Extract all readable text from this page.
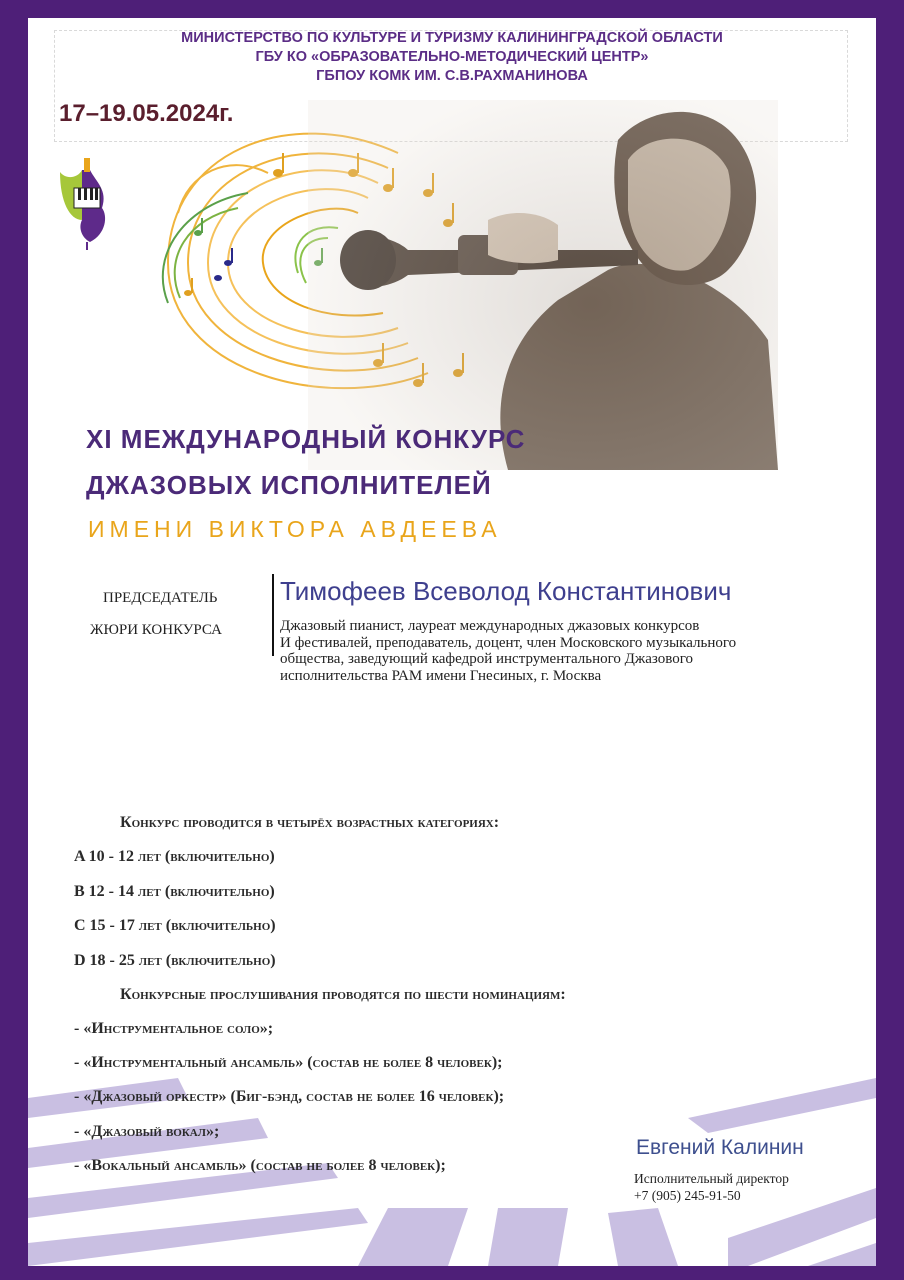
МИНИСТЕРСТВО ПО КУЛЬТУРЕ И ТУРИЗМУ КАЛИНИНГРАДСКОЙ ОБЛАСТИ
ГБУ КО «ОБРАЗОВАТЕЛЬНО-МЕТОДИЧЕСКИЙ ЦЕНТР»
ГБПОУ КОМК ИМ. С.В.РАХМАНИНОВА
17–19.05.2024г.
XI МЕЖДУНАРОДНЫЙ КОНКУРС
ДЖАЗОВЫХ ИСПОЛНИТЕЛЕЙ
ИМЕНИ ВИКТОРА АВДЕЕВА
ПРЕДСЕДАТЕЛЬ
ЖЮРИ КОНКУРСА
Тимофеев Всеволод Константинович
Джазовый пианист, лауреат международных джазовых конкурсов
И фестивалей, преподаватель, доцент, член Московского музыкального
общества, заведующий кафедрой инструментального Джазового
исполнительства РАМ имени Гнесиных, г. Москва
Конкурс проводится в четырёх возрастных категориях:
A 10 - 12 лет (включительно)
B 12 - 14 лет (включительно)
C 15 - 17 лет (включительно)
D 18 - 25 лет (включительно)
Конкурсные прослушивания проводятся по шести номинациям:
- «Инструментальное соло»;
- «Инструментальный ансамбль» (состав не более 8 человек);
- «Джазовый оркестр» (Биг-бэнд, состав не более 16 человек);
- «Джазовый вокал»;
- «Вокальный ансамбль» (состав не более 8 человек);
Евгений Калинин
Исполнительный директор
+7 (905) 245-91-50
